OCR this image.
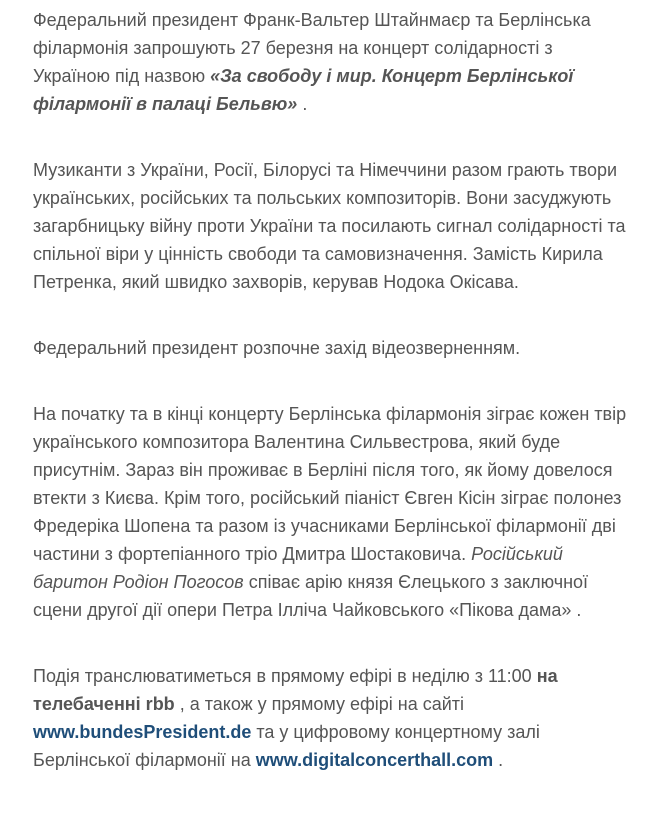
Федеральний президент Франк-Вальтер Штайнмаєр та Берлінська філармонія запрошують 27 березня на концерт солідарності з Україною під назвою «За свободу і мир. Концерт Берлінської філармонії в палаці Бельвю» .

Музиканти з України, Росії, Білорусі та Німеччини разом грають твори українських, російських та польських композиторів. Вони засуджують загарбницьку війну проти України та посилають сигнал солідарності та спільної віри у цінність свободи та самовизначення. Замість Кирила Петренка, який швидко захворів, керував Нодока Окісава.

Федеральний президент розпочне захід відеозверненням.

На початку та в кінці концерту Берлінська філармонія зіграє кожен твір українського композитора Валентина Сильвестрова, який буде присутнім. Зараз він проживає в Берліні після того, як йому довелося втекти з Києва. Крім того, російський піаніст Євген Кісін зіграє полонез Фредеріка Шопена та разом із учасниками Берлінської філармонії дві частини з фортепіанного тріо Дмитра Шостаковича. Російський баритон Родіон Погосов співає арію князя Єлецького з заключної сцени другої дії опери Петра Ілліча Чайковського «Пікова дама» .

Подія транслюватиметься в прямому ефірі в неділю з 11:00 на телебаченні rbb , а також у прямому ефірі на сайті www.bundesPresident.de та у цифровому концертному залі Берлінської філармонії на www.digitalconcerthall.com .
